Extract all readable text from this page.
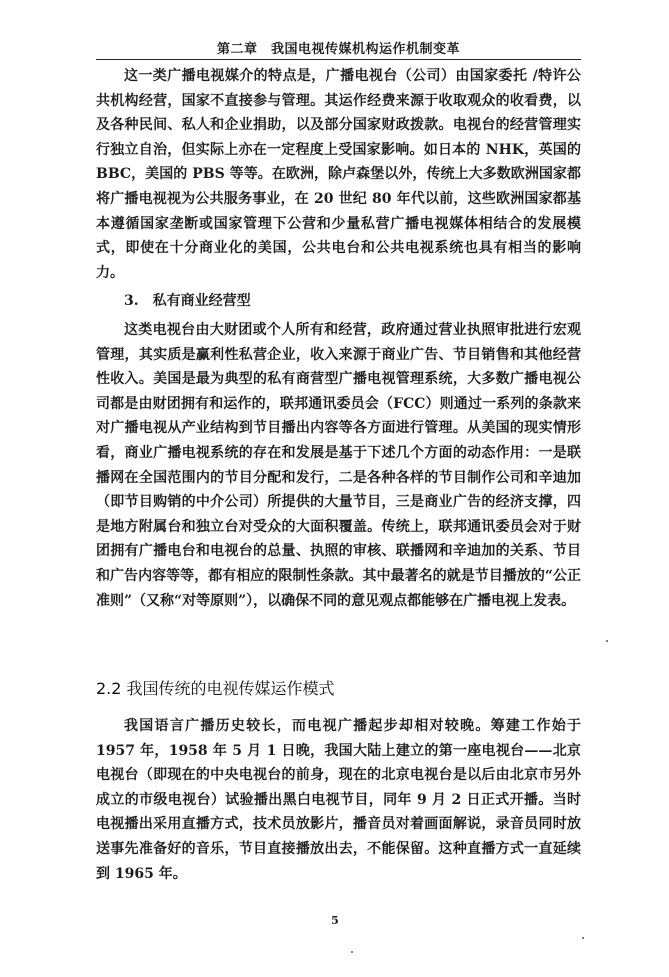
第二章　我国电视传媒机构运作机制变革

这一类广播电视媒介的特点是，广播电视台（公司）由国家委托 /特许公共机构经营，国家不直接参与管理。其运作经费来源于收取观众的收看费，以及各种民间、私人和企业捐助，以及部分国家财政拨款。电视台的经营管理实行独立自治，但实际上亦在一定程度上受国家影响。如日本的 NHK，英国的 BBC，美国的 PBS 等等。在欧洲，除卢森堡以外，传统上大多数欧洲国家都将广播电视视为公共服务事业，在 20 世纪 80 年代以前，这些欧洲国家都基本遵循国家垄断或国家管理下公营和少量私营广播电视媒体相结合的发展模式，即使在十分商业化的美国，公共电台和公共电视系统也具有相当的影响力。

3.　私有商业经营型

这类电视台由大财团或个人所有和经营，政府通过营业执照审批进行宏观管理，其实质是赢利性私营企业，收入来源于商业广告、节目销售和其他经营性收入。美国是最为典型的私有商营型广播电视管理系统，大多数广播电视公司都是由财团拥有和运作的，联邦通讯委员会（FCC）则通过一系列的条款来对广播电视从产业结构到节目播出内容等各方面进行管理。从美国的现实情形看，商业广播电视系统的存在和发展是基于下述几个方面的动态作用：一是联播网在全国范围内的节目分配和发行，二是各种各样的节目制作公司和辛迪加（即节目购销的中介公司）所提供的大量节目，三是商业广告的经济支撑，四是地方附属台和独立台对受众的大面积覆盖。传统上，联邦通讯委员会对于财团拥有广播电台和电视台的总量、执照的审核、联播网和辛迪加的关系、节目和广告内容等等，都有相应的限制性条款。其中最著名的就是节目播放的“公正准则”（又称“对等原则”），以确保不同的意见观点都能够在广播电视上发表。

2.2 我国传统的电视传媒运作模式

我国语言广播历史较长，而电视广播起步却相对较晚。筹建工作始于 1957 年，1958 年 5 月 1 日晚，我国大陆上建立的第一座电视台——北京电视台（即现在的中央电视台的前身，现在的北京电视台是以后由北京市另外成立的市级电视台）试验播出黑白电视节目，同年 9 月 2 日正式开播。当时电视播出采用直播方式，技术员放影片，播音员对着画面解说，录音员同时放送事先准备好的音乐，节目直接播放出去，不能保留。这种直播方式一直延续到 1965 年。

5
